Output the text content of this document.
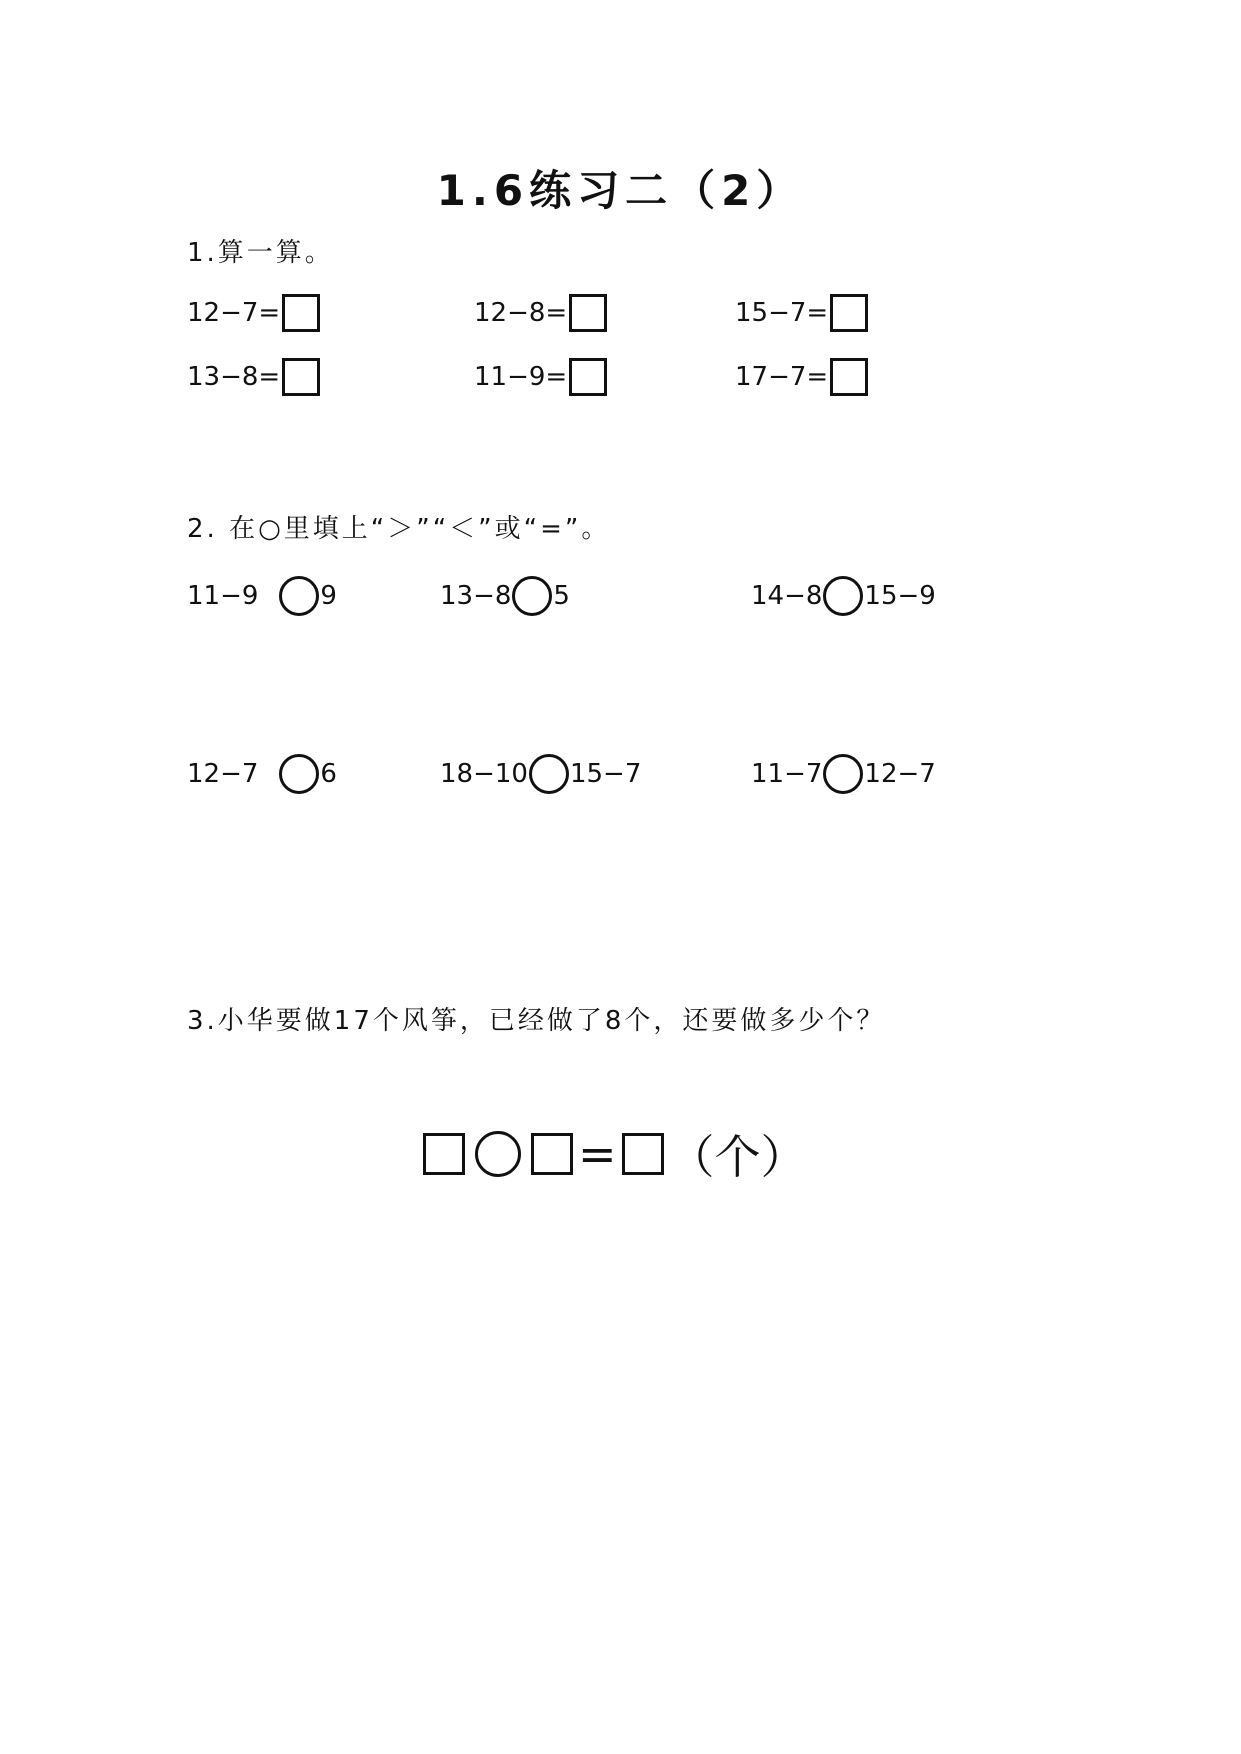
1.6练习二（2）
1.算一算。
12−7=	12−8=	15−7=
13−8=	11−9=	17−7=
2. 在○里填上“＞”“＜”或“=”。
11−9 9	13−8 5	14−8 15−9
12−7 6	18−10 15−7	11−7 12−7
3.小华要做17个风筝，已经做了8个，还要做多少个？
= （个）
